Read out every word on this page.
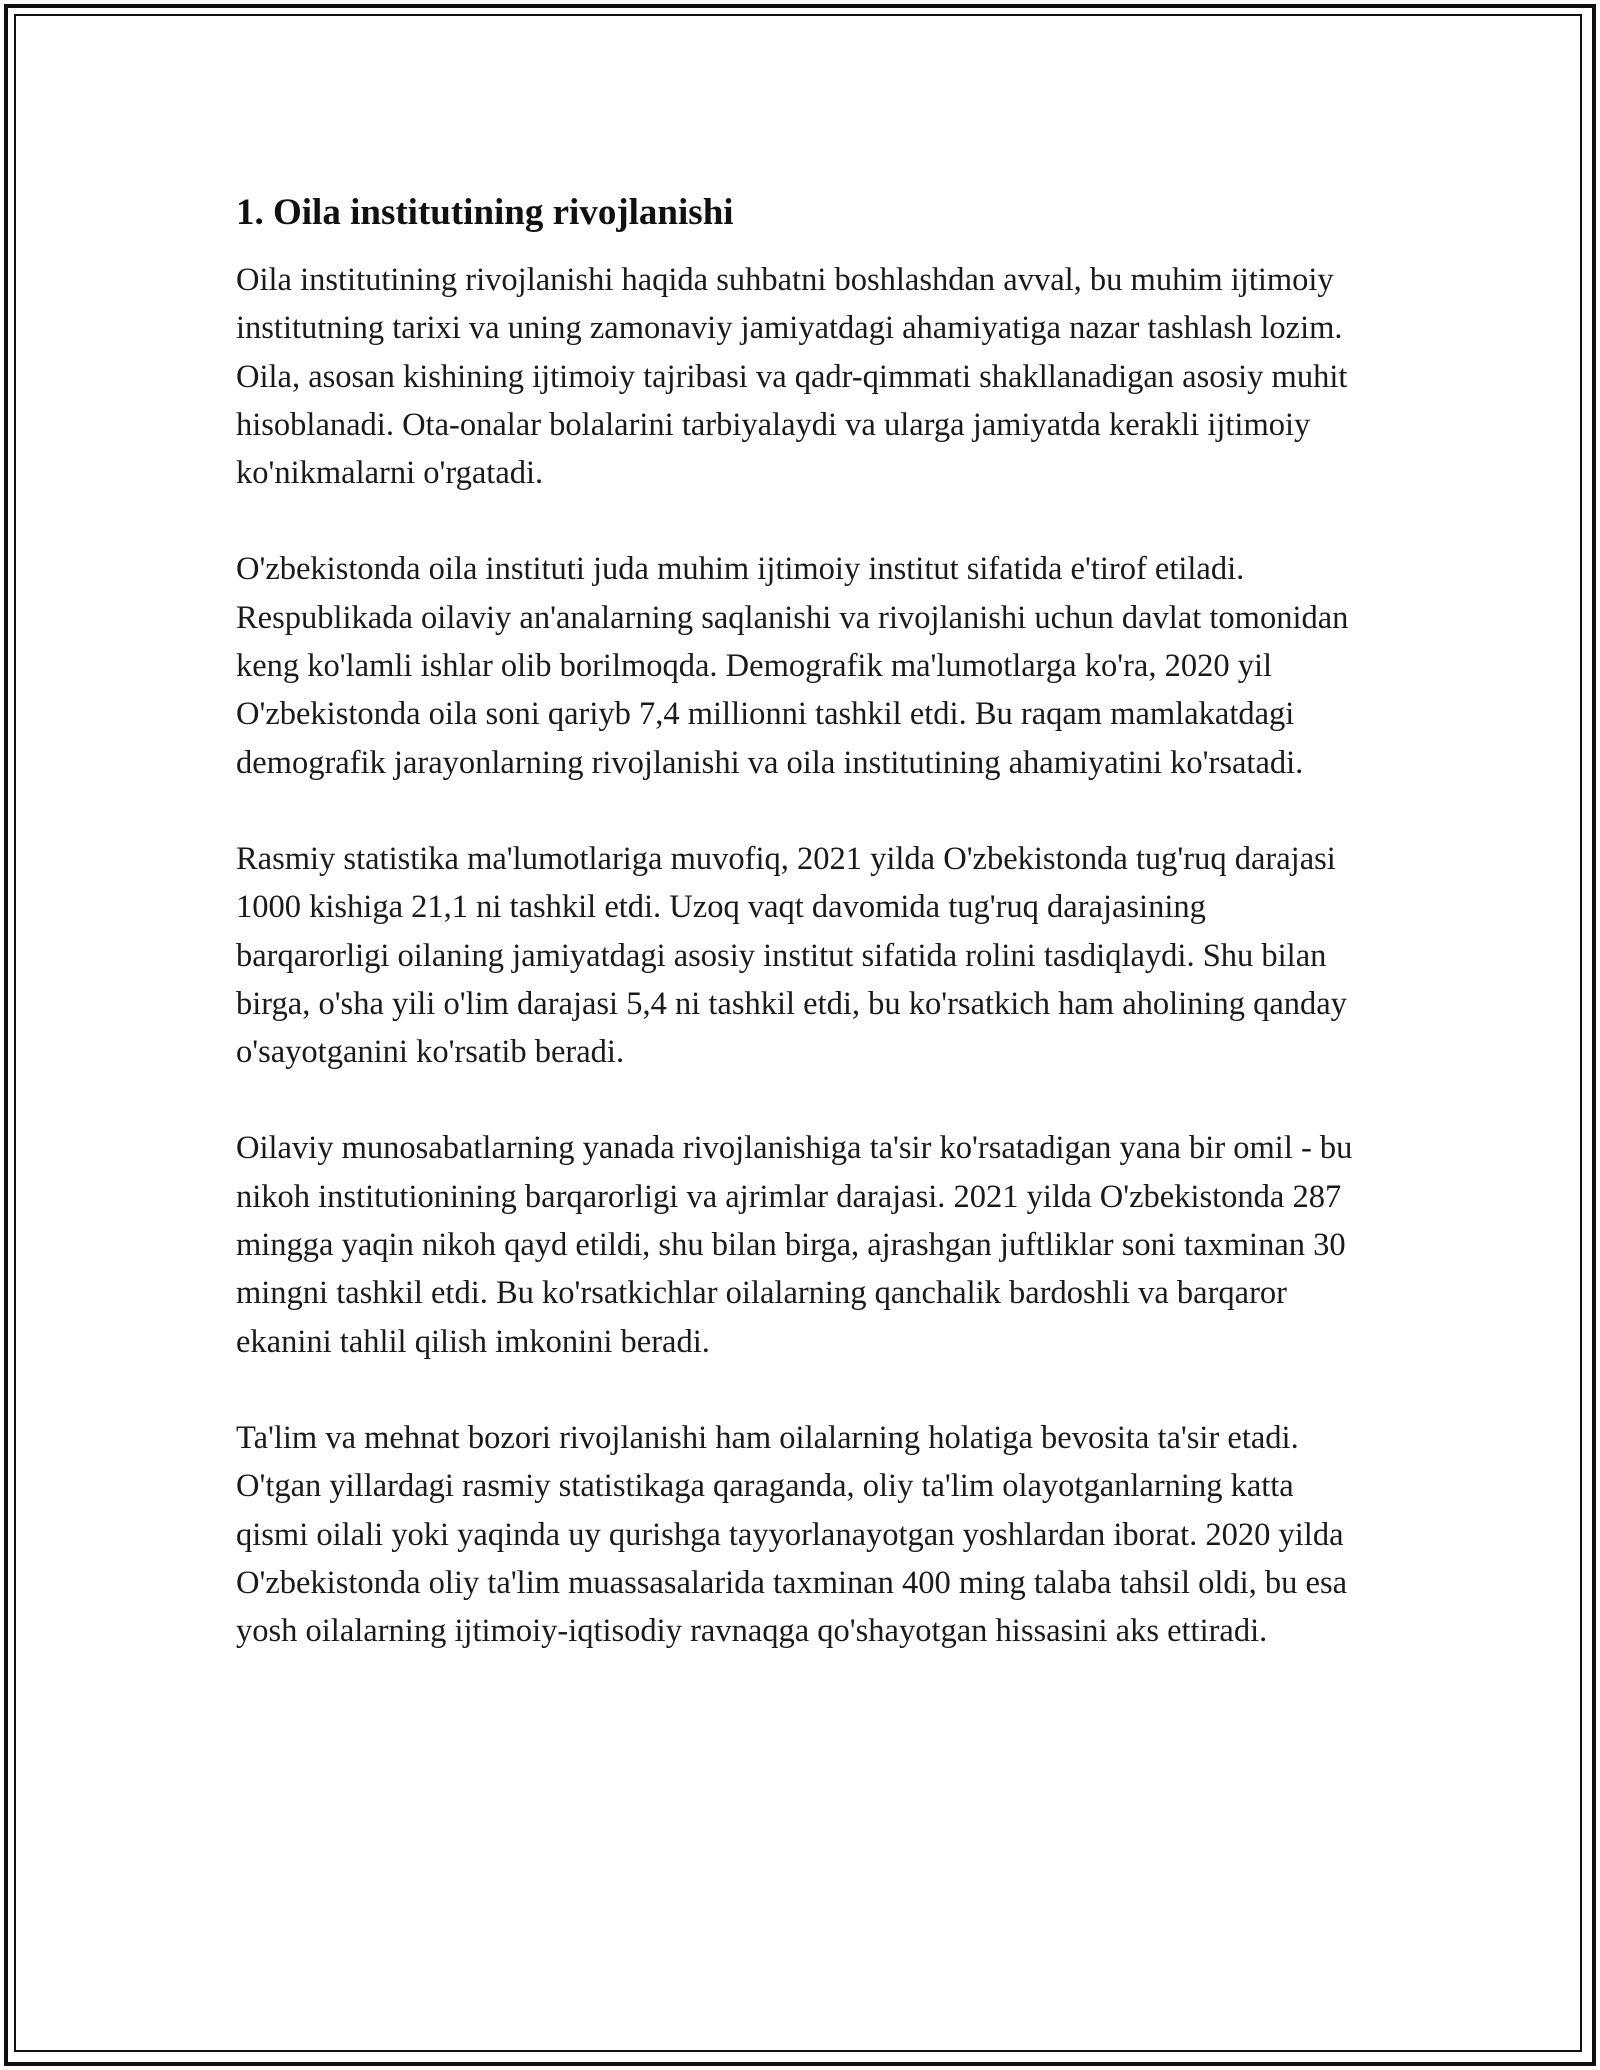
1. Oila institutining rivojlanishi

Oila institutining rivojlanishi haqida suhbatni boshlashdan avval, bu muhim ijtimoiy institutning tarixi va uning zamonaviy jamiyatdagi ahamiyatiga nazar tashlash lozim. Oila, asosan kishining ijtimoiy tajribasi va qadr-qimmati shakllanadigan asosiy muhit hisoblanadi. Ota-onalar bolalarini tarbiyalaydi va ularga jamiyatda kerakli ijtimoiy ko'nikmalarni o'rgatadi.

O'zbekistonda oila instituti juda muhim ijtimoiy institut sifatida e'tirof etiladi. Respublikada oilaviy an'analarning saqlanishi va rivojlanishi uchun davlat tomonidan keng ko'lamli ishlar olib borilmoqda. Demografik ma'lumotlarga ko'ra, 2020 yil O'zbekistonda oila soni qariyb 7,4 millionni tashkil etdi. Bu raqam mamlakatdagi demografik jarayonlarning rivojlanishi va oila institutining ahamiyatini ko'rsatadi.

Rasmiy statistika ma'lumotlariga muvofiq, 2021 yilda O'zbekistonda tug'ruq darajasi 1000 kishiga 21,1 ni tashkil etdi. Uzoq vaqt davomida tug'ruq darajasining barqarorligi oilaning jamiyatdagi asosiy institut sifatida rolini tasdiqlaydi. Shu bilan birga, o'sha yili o'lim darajasi 5,4 ni tashkil etdi, bu ko'rsatkich ham aholining qanday o'sayotganini ko'rsatib beradi.

Oilaviy munosabatlarning yanada rivojlanishiga ta'sir ko'rsatadigan yana bir omil - bu nikoh institutionining barqarorligi va ajrimlar darajasi. 2021 yilda O'zbekistonda 287 mingga yaqin nikoh qayd etildi, shu bilan birga, ajrashgan juftliklar soni taxminan 30 mingni tashkil etdi. Bu ko'rsatkichlar oilalarning qanchalik bardoshli va barqaror ekanini tahlil qilish imkonini beradi.

Ta'lim va mehnat bozori rivojlanishi ham oilalarning holatiga bevosita ta'sir etadi. O'tgan yillardagi rasmiy statistikaga qaraganda, oliy ta'lim olayotganlarning katta qismi oilali yoki yaqinda uy qurishga tayyorlanayotgan yoshlardan iborat. 2020 yilda O'zbekistonda oliy ta'lim muassasalarida taxminan 400 ming talaba tahsil oldi, bu esa yosh oilalarning ijtimoiy-iqtisodiy ravnaqga qo'shayotgan hissasini aks ettiradi.
